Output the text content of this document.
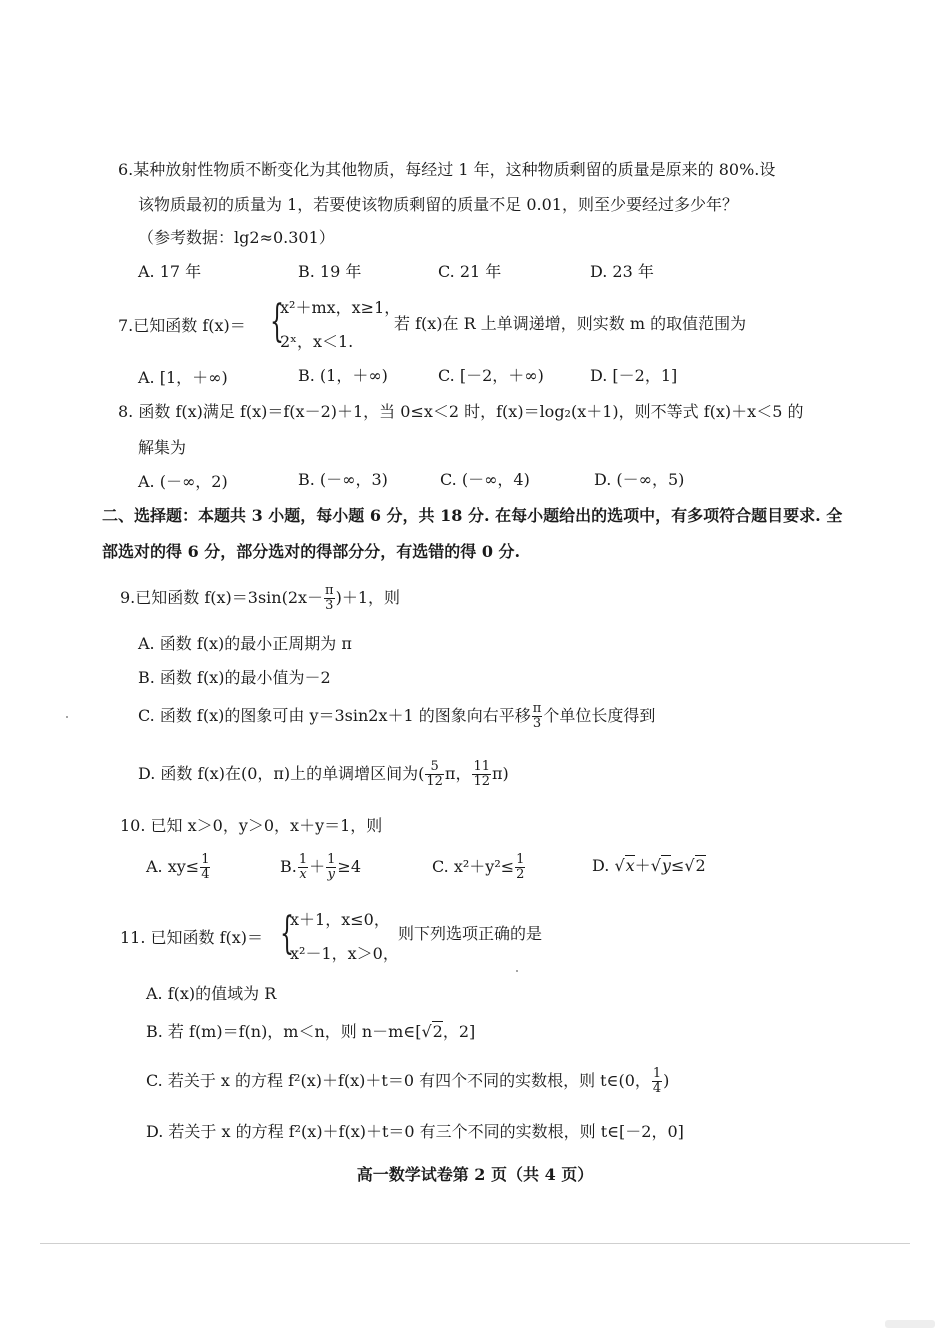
6.某种放射性物质不断变化为其他物质，每经过 1 年，这种物质剩留的质量是原来的 80%.设
该物质最初的质量为 1，若要使该物质剩留的质量不足 0.01，则至少要经过多少年？
（参考数据：lg2≈0.301）
A. 17 年	B. 19 年	C. 21 年	D. 23 年
7.已知函数 f(x)＝ {
x²＋mx，x≥1，
2ˣ，x＜1.
若 f(x)在 R 上单调递增，则实数 m 的取值范围为
A. [1，＋∞)	B. (1，＋∞)	C. [－2，＋∞)	D. [－2，1]
8. 函数 f(x)满足 f(x)＝f(x－2)＋1，当 0≤x＜2 时，f(x)＝log₂(x＋1)，则不等式 f(x)＋x＜5 的
解集为
A. (－∞，2)	B. (－∞，3)	C. (－∞，4)	D. (－∞，5)
二、选择题：本题共 3 小题，每小题 6 分，共 18 分. 在每小题给出的选项中，有多项符合题目要求. 全
部选对的得 6 分，部分选对的得部分分，有选错的得 0 分.
9.已知函数 $f(x)=3\sin(2x- \frac{\pi}{3} )+1$，则
A. 函数 f(x)的最小正周期为 π
B. 函数 f(x)的最小值为－2
C. 函数 f(x)的图象可由 y＝3sin2x＋1 的图象向右平移 $\frac{\pi}{3}$ 个单位长度得到
D. 函数 f(x)在(0，π)上的单调增区间为( $\frac{5}{12}$ π， $\frac{11}{12} \pi$)
10. 已知 x＞0，y＞0，x＋y＝1，则
A. $xy\le \frac{1}{4}$	B. $\frac{1}{x} + \frac{1}{y} \ge 4$	C. $x^2+y^2\le \frac{1}{2}$	D. √x＋√y≤√2
11. 已知函数 f(x)＝ {
x＋1，x≤0，
x²－1，x＞0，
则下列选项正确的是
A. f(x)的值域为 R
B. 若 f(m)＝f(n)，m＜n，则 n－m∈[√2，2]
C. 若关于 x 的方程 f²(x)＋f(x)＋t＝0 有四个不同的实数根，则 t∈(0， $\frac{1}{4}$ )
D. 若关于 x 的方程 f²(x)＋f(x)＋t＝0 有三个不同的实数根，则 t∈[－2，0]
高一数学试卷第 2 页（共 4 页）
